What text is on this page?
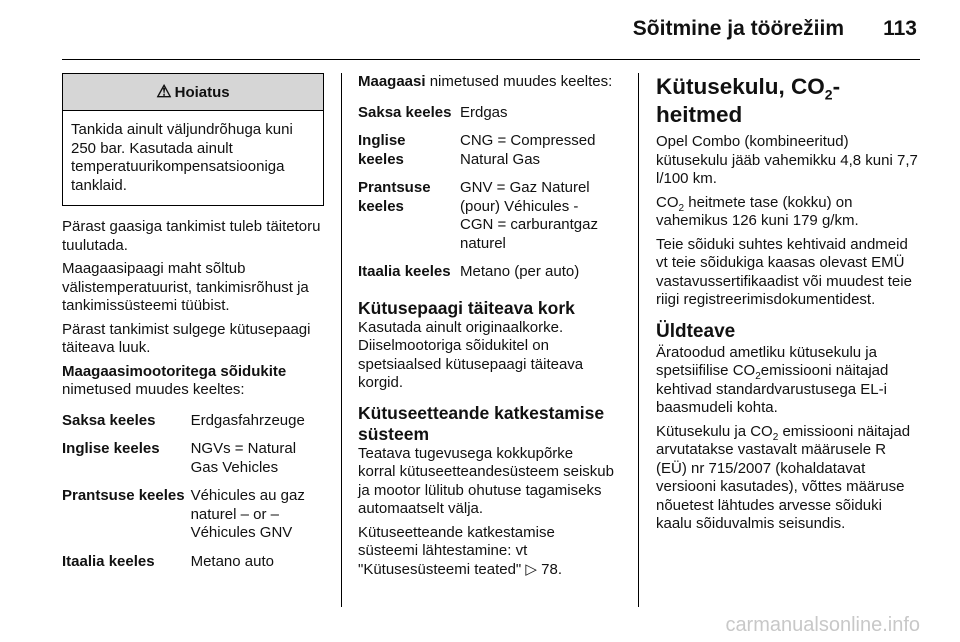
Sõitmine ja töörežiim 113
⚠ Hoiatus
Tankida ainult väljundrõhuga kuni 250 bar. Kasutada ainult temperatuurikompensatsiooniga tanklaid.

Pärast gaasiga tankimist tuleb täitetoru tuulutada.

Maagaasipaagi maht sõltub välistemperatuurist, tankimisrõhust ja tankimissüsteemi tüübist.

Pärast tankimist sulgege kütusepaagi täiteava luuk.

Maagaasimootoritega sõidukite
nimetused muudes keeltes:

Saksa keeles	Erdgasfahrzeuge
Inglise keeles	NGVs = Natural Gas Vehicles
Prantsuse keeles	Véhicules au gaz naturel – or – Véhicules GNV
Itaalia keeles	Metano auto

Maagaasi nimetused muudes keeltes:

Saksa keeles	Erdgas
Inglise keeles	CNG = Compressed Natural Gas
Prantsuse keeles	GNV = Gaz Naturel (pour) Véhicules - CGN = carburantgaz naturel
Itaalia keeles	Metano (per auto)
Kütusepaagi täiteava kork

Kasutada ainult originaalkorke. Diiselmootoriga sõidukitel on spetsiaalsed kütusepaagi täiteava korgid.

Kütuseetteande katkestamise süsteem

Teatava tugevusega kokkupõrke korral kütuseetteandesüsteem seiskub ja mootor lülitub ohutuse tagamiseks automaatselt välja.

Kütuseetteande katkestamise süsteemi lähtestamine: vt "Kütusesüsteemi teated" ▷ 78.

Kütusekulu, $CO_2$-heitmed

Opel Combo (kombineeritud) kütusekulu jääb vahemikku 4,8 kuni 7,7 l/100 km.

$CO_2$ heitmete tase (kokku) on vahemikus 126 kuni 179 g/km.

Teie sõiduki suhtes kehtivaid andmeid vt teie sõidukiga kaasas olevast EMÜ vastavussertifikaadist või muudest teie riigi registreerimisdokumentidest.

Üldteave

Äratoodud ametliku kütusekulu ja spetsiifilise $CO_2emissiooni$ näitajad kehtivad standardvarustusega EL-i baasmudeli kohta.

Kütusekulu ja $CO_2$ emissiooni näitajad arvutatakse vastavalt määrusele R (EÜ) nr 715/2007 (kohaldatavat versiooni kasutades), võttes määruse nõuetest lähtudes arvesse sõiduki kaalu sõiduvalmis seisundis.

carmanualsonline.info
